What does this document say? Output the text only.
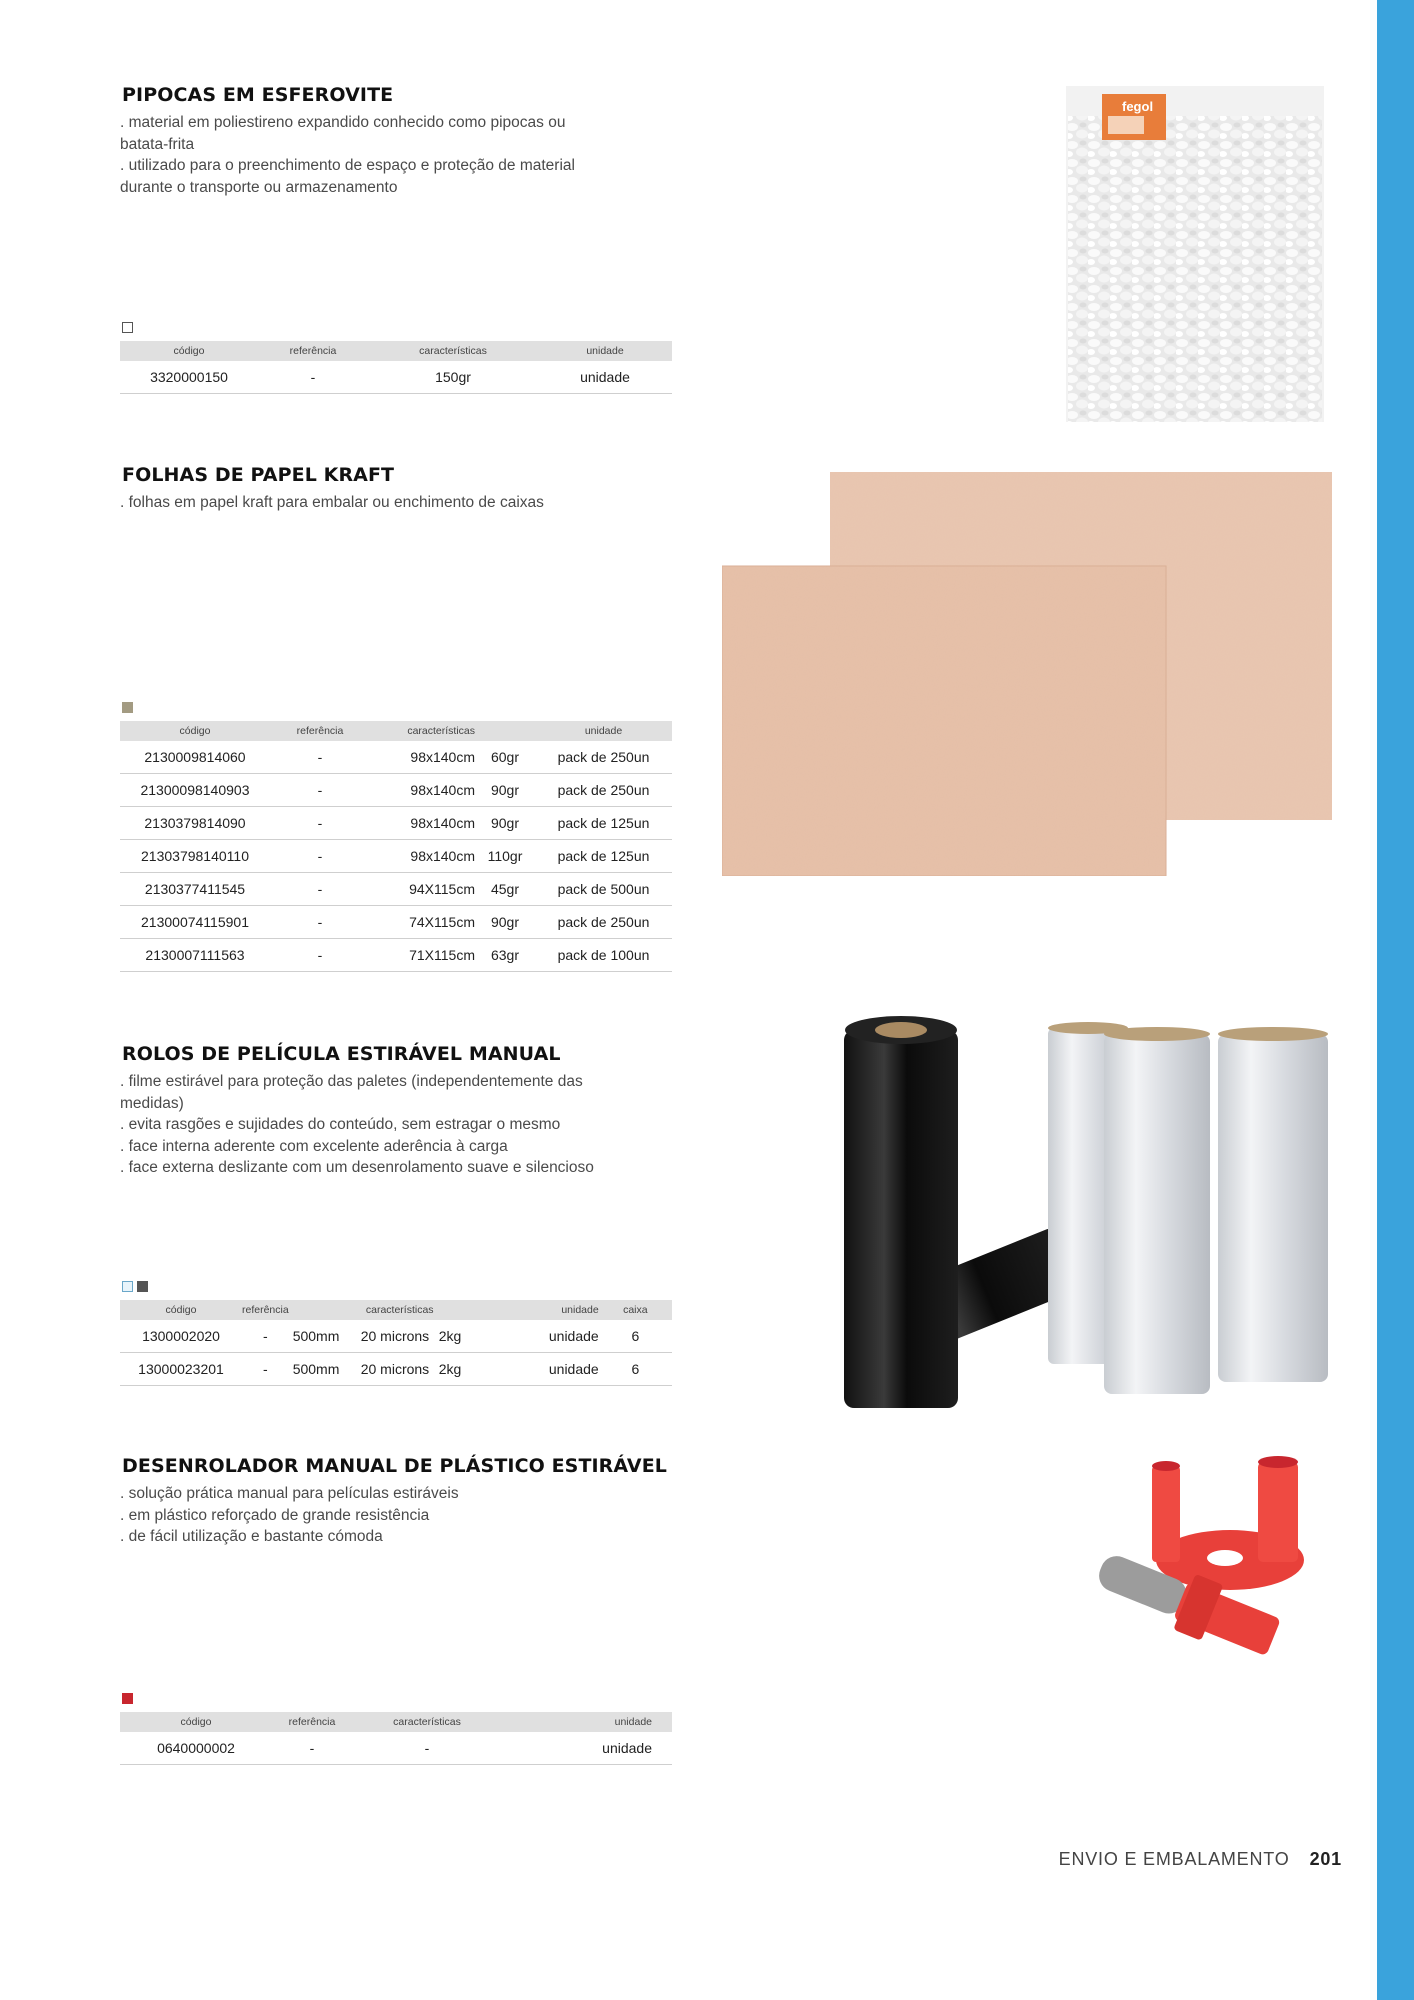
PIPOCAS EM ESFEROVITE
. material em poliestireno expandido conhecido como pipocas ou
batata-frita
. utilizado para o preenchimento de espaço e proteção de material
durante o transporte ou armazenamento
código	referência	características	unidade
3320000150	-	150gr	unidade
fegol
FOLHAS DE PAPEL KRAFT
. folhas em papel kraft para embalar ou enchimento de caixas
código	referência	características		unidade
2130009814060	-	98x140cm	60gr	pack de 250un
21300098140903	-	98x140cm	90gr	pack de 250un
2130379814090	-	98x140cm	90gr	pack de 125un
21303798140110	-	98x140cm	110gr	pack de 125un
2130377411545	-	94X115cm	45gr	pack de 500un
21300074115901	-	74X115cm	90gr	pack de 250un
2130007111563	-	71X115cm	63gr	pack de 100un
ROLOS DE PELÍCULA ESTIRÁVEL MANUAL
. filme estirável para proteção das paletes (independentemente das
medidas)
. evita rasgões e sujidades do conteúdo, sem estragar o mesmo
. face interna aderente com excelente aderência à carga
. face externa deslizante com um desenrolamento suave e silencioso
código	referência		características		unidade	caixa
1300002020	-	500mm	20 microns	2kg	unidade	6
13000023201	-	500mm	20 microns	2kg	unidade	6
DESENROLADOR MANUAL DE PLÁSTICO ESTIRÁVEL
. solução prática manual para películas estiráveis
. em plástico reforçado de grande resistência
. de fácil utilização e bastante cómoda
código	referência	características	unidade
0640000002	-	-	unidade
ENVIO E EMBALAMENTO 201
